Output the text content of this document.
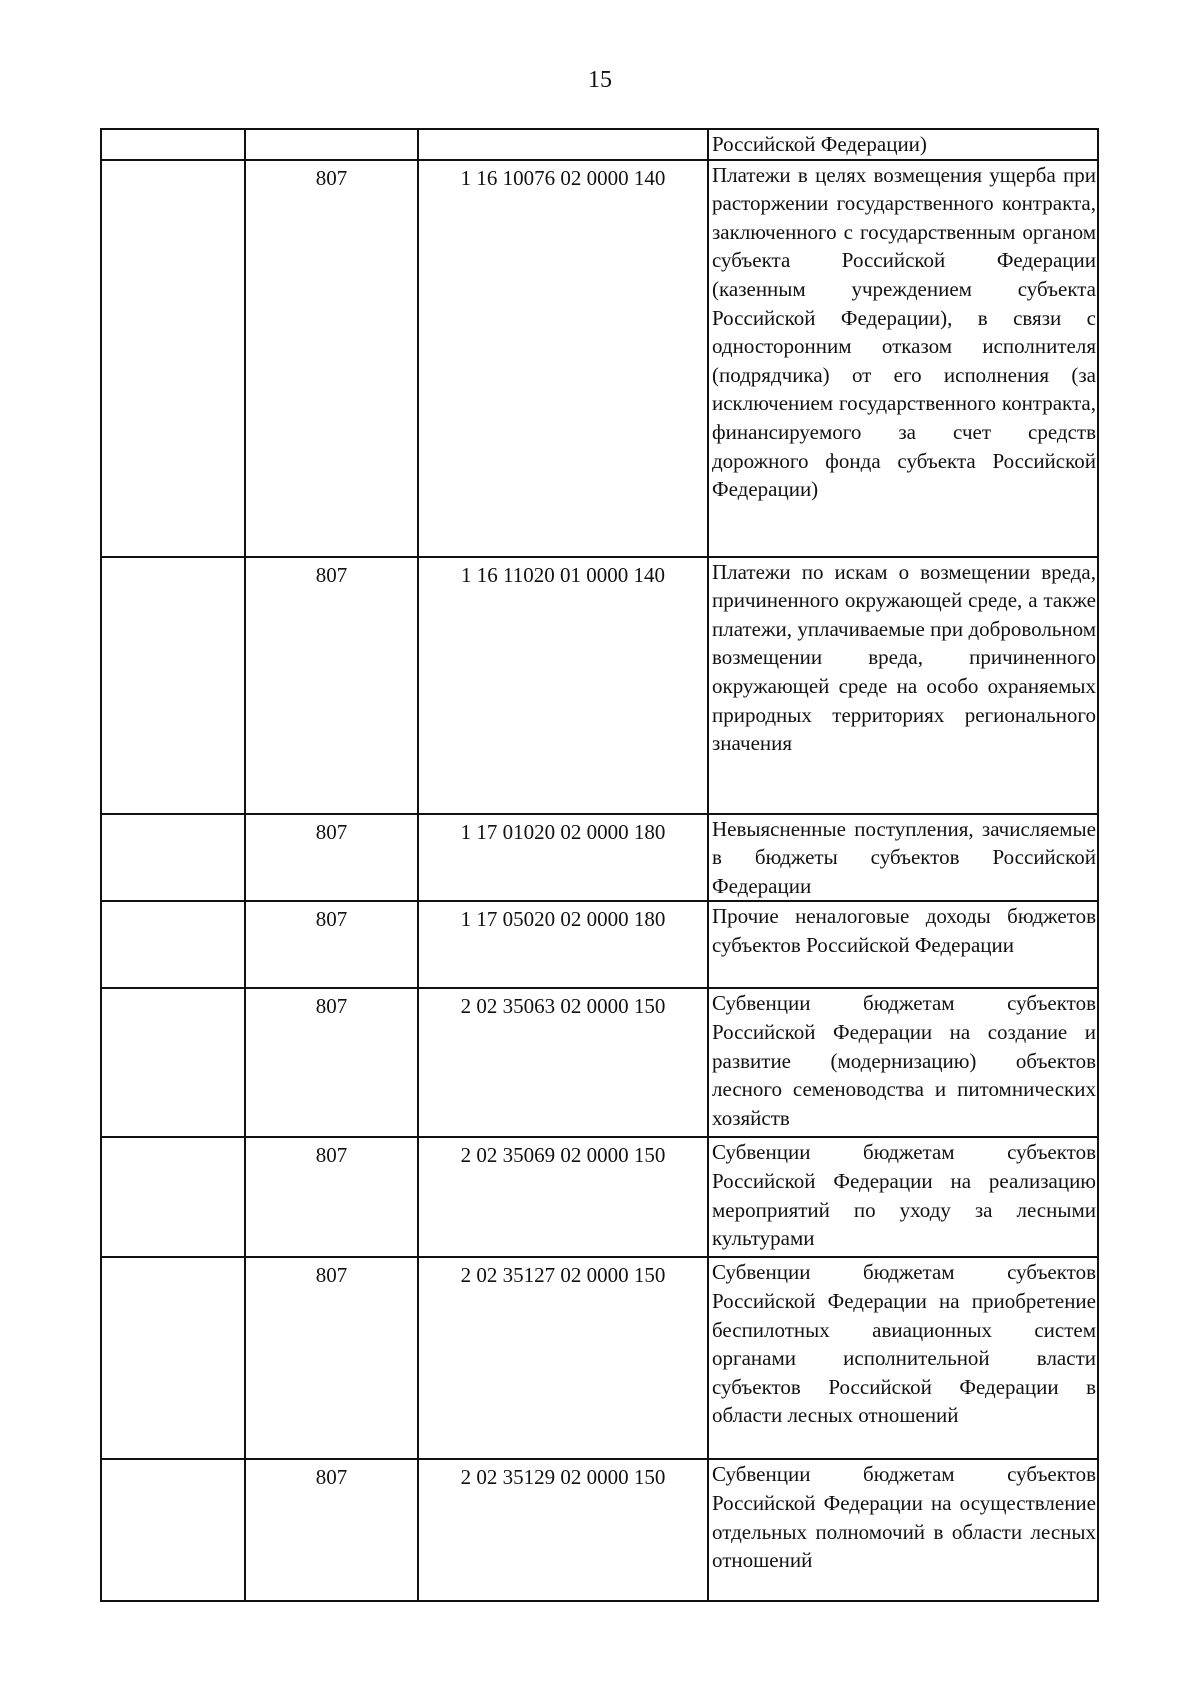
15
			Российской Федерации)
	807	1 16 10076 02 0000 140	Платежи в целях возмещения ущерба при расторжении государственного контракта, заключенного с государственным органом субъекта Российской Федерации (казенным учреждением субъекта Российской Федерации), в связи с односторонним отказом исполнителя (подрядчика) от его исполнения (за исключением государственного контракта, финансируемого за счет средств дорожного фонда субъекта Российской Федерации)
	807	1 16 11020 01 0000 140	Платежи по искам о возмещении вреда, причиненного окружающей среде, а также платежи, уплачиваемые при добровольном возмещении вреда, причиненного окружающей среде на особо охраняемых природных территориях регионального значения
	807	1 17 01020 02 0000 180	Невыясненные поступления, зачисляемые в бюджеты субъектов Российской Федерации
	807	1 17 05020 02 0000 180	Прочие неналоговые доходы бюджетов субъектов Российской Федерации
	807	2 02 35063 02 0000 150	Субвенции бюджетам субъектов Российской Федерации на создание и развитие (модернизацию) объектов лесного семеноводства и питомнических хозяйств
	807	2 02 35069 02 0000 150	Субвенции бюджетам субъектов Российской Федерации на реализацию мероприятий по уходу за лесными культурами
	807	2 02 35127 02 0000 150	Субвенции бюджетам субъектов Российской Федерации на приобретение беспилотных авиационных систем органами исполнительной власти субъектов Российской Федерации в области лесных отношений
	807	2 02 35129 02 0000 150	Субвенции бюджетам субъектов Российской Федерации на осуществление отдельных полномочий в области лесных отношений
